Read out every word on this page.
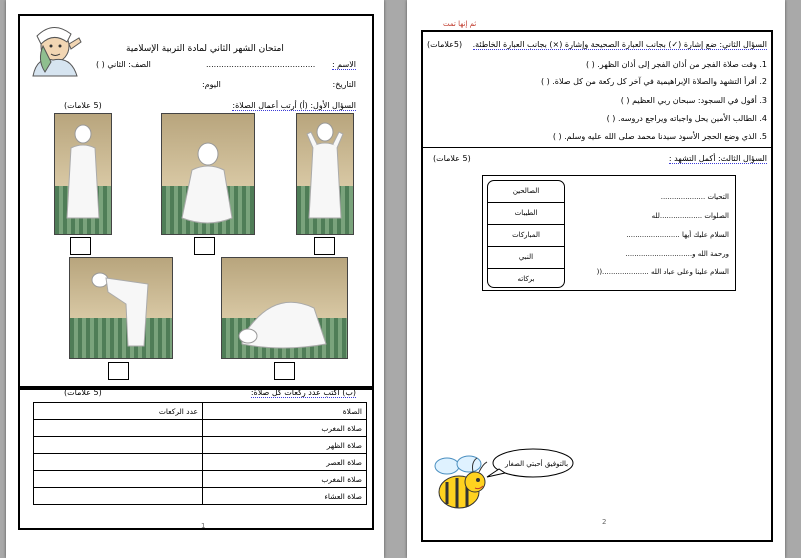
امتحان الشهر الثاني لمادة التربية الإسلامية
الاسم :
...........................................
الصف: الثاني ( )
التاريخ:
اليوم:
السؤال الأول: (أ) أرتب أعمال الصلاة:
(5 علامات)
(ب) أكتب عدد ركعات كل صلاة:
(5 علامات)
عدد الركعات	الصلاة
	صلاة المغرب
	صلاة الظهر
	صلاة العصر
	صلاة المغرب
	صلاة العشاء
1
ثم إنها تمت
السؤال الثاني: ضع إشارة (✓) بجانب العبارة الصحيحة وإشارة (×) بجانب العبارة الخاطئة.
(5علامات)
1. وقت صلاة الفجر من أذان الفجر إلى أذان الظهر. ( )
2. أقرأ التشهد والصلاة الإبراهيمية في آخر كل ركعة من كل صلاة. ( )
3. أقول في السجود: سبحان ربي العظيم ( )
4. الطالب الأمين يحل واجباته ويراجع دروسه. ( )
5. الذي وضع الحجر الأسود سيدنا محمد صلى الله عليه وسلم. ( )
السؤال الثالث: أكمل التشهد :
(5 علامات)
الصالحين
الطيبات
المباركات
النبي
بركاته
التحيات ....................
الصلوات ...................لله
السلام عليك أيها ........................
ورحمة الله و..............................
السلام علينا وعلى عباد الله .....................((
بالتوفيق أحبتي الصغار
2
